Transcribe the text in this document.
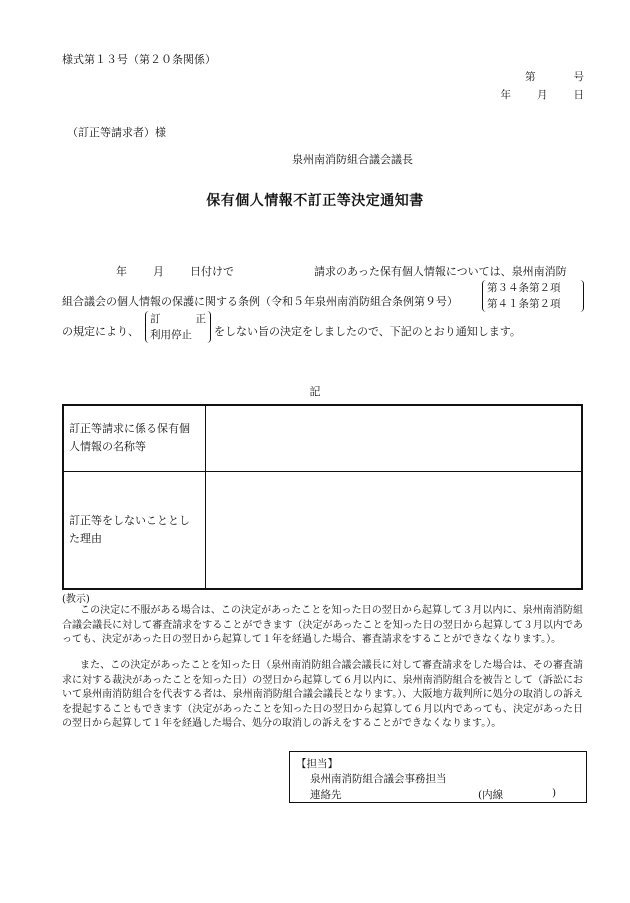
様式第１３号（第２０条関係）
第	号
年 月 日
（訂正等請求者）様
泉州南消防組合議会議長
保有個人情報不訂正等決定通知書
年 月 日付けで	請求のあった保有個人情報については、泉州南消防
組合議会の個人情報の保護に関する条例（令和５年泉州南消防組合条例第９号）
第３４条第２項
第４１条第２項
の規定により、
訂	正
利用停止	をしない旨の決定をしましたので、下記のとおり通知します。
記
訂正等請求に係る保有個人情報の名称等	
訂正等をしないこととした理由	
(教示)
この決定に不服がある場合は、この決定があったことを知った日の翌日から起算して３月以内に、泉州南消防組合議会議長に対して審査請求をすることができます（決定があったことを知った日の翌日から起算して３月以内であっても、決定があった日の翌日から起算して１年を経過した場合、審査請求をすることができなくなります。）。
また、この決定があったことを知った日（泉州南消防組合議会議長に対して審査請求をした場合は、その審査請求に対する裁決があったことを知った日）の翌日から起算して６月以内に、泉州南消防組合を被告として（訴訟において泉州南消防組合を代表する者は、泉州南消防組合議会議長となります。）、大阪地方裁判所に処分の取消しの訴えを提起することもできます（決定があったことを知った日の翌日から起算して６月以内であっても、決定があった日の翌日から起算して１年を経過した場合、処分の取消しの訴えをすることができなくなります。）。
【担当】
泉州南消防組合議会事務担当
連絡先	(内線	)
